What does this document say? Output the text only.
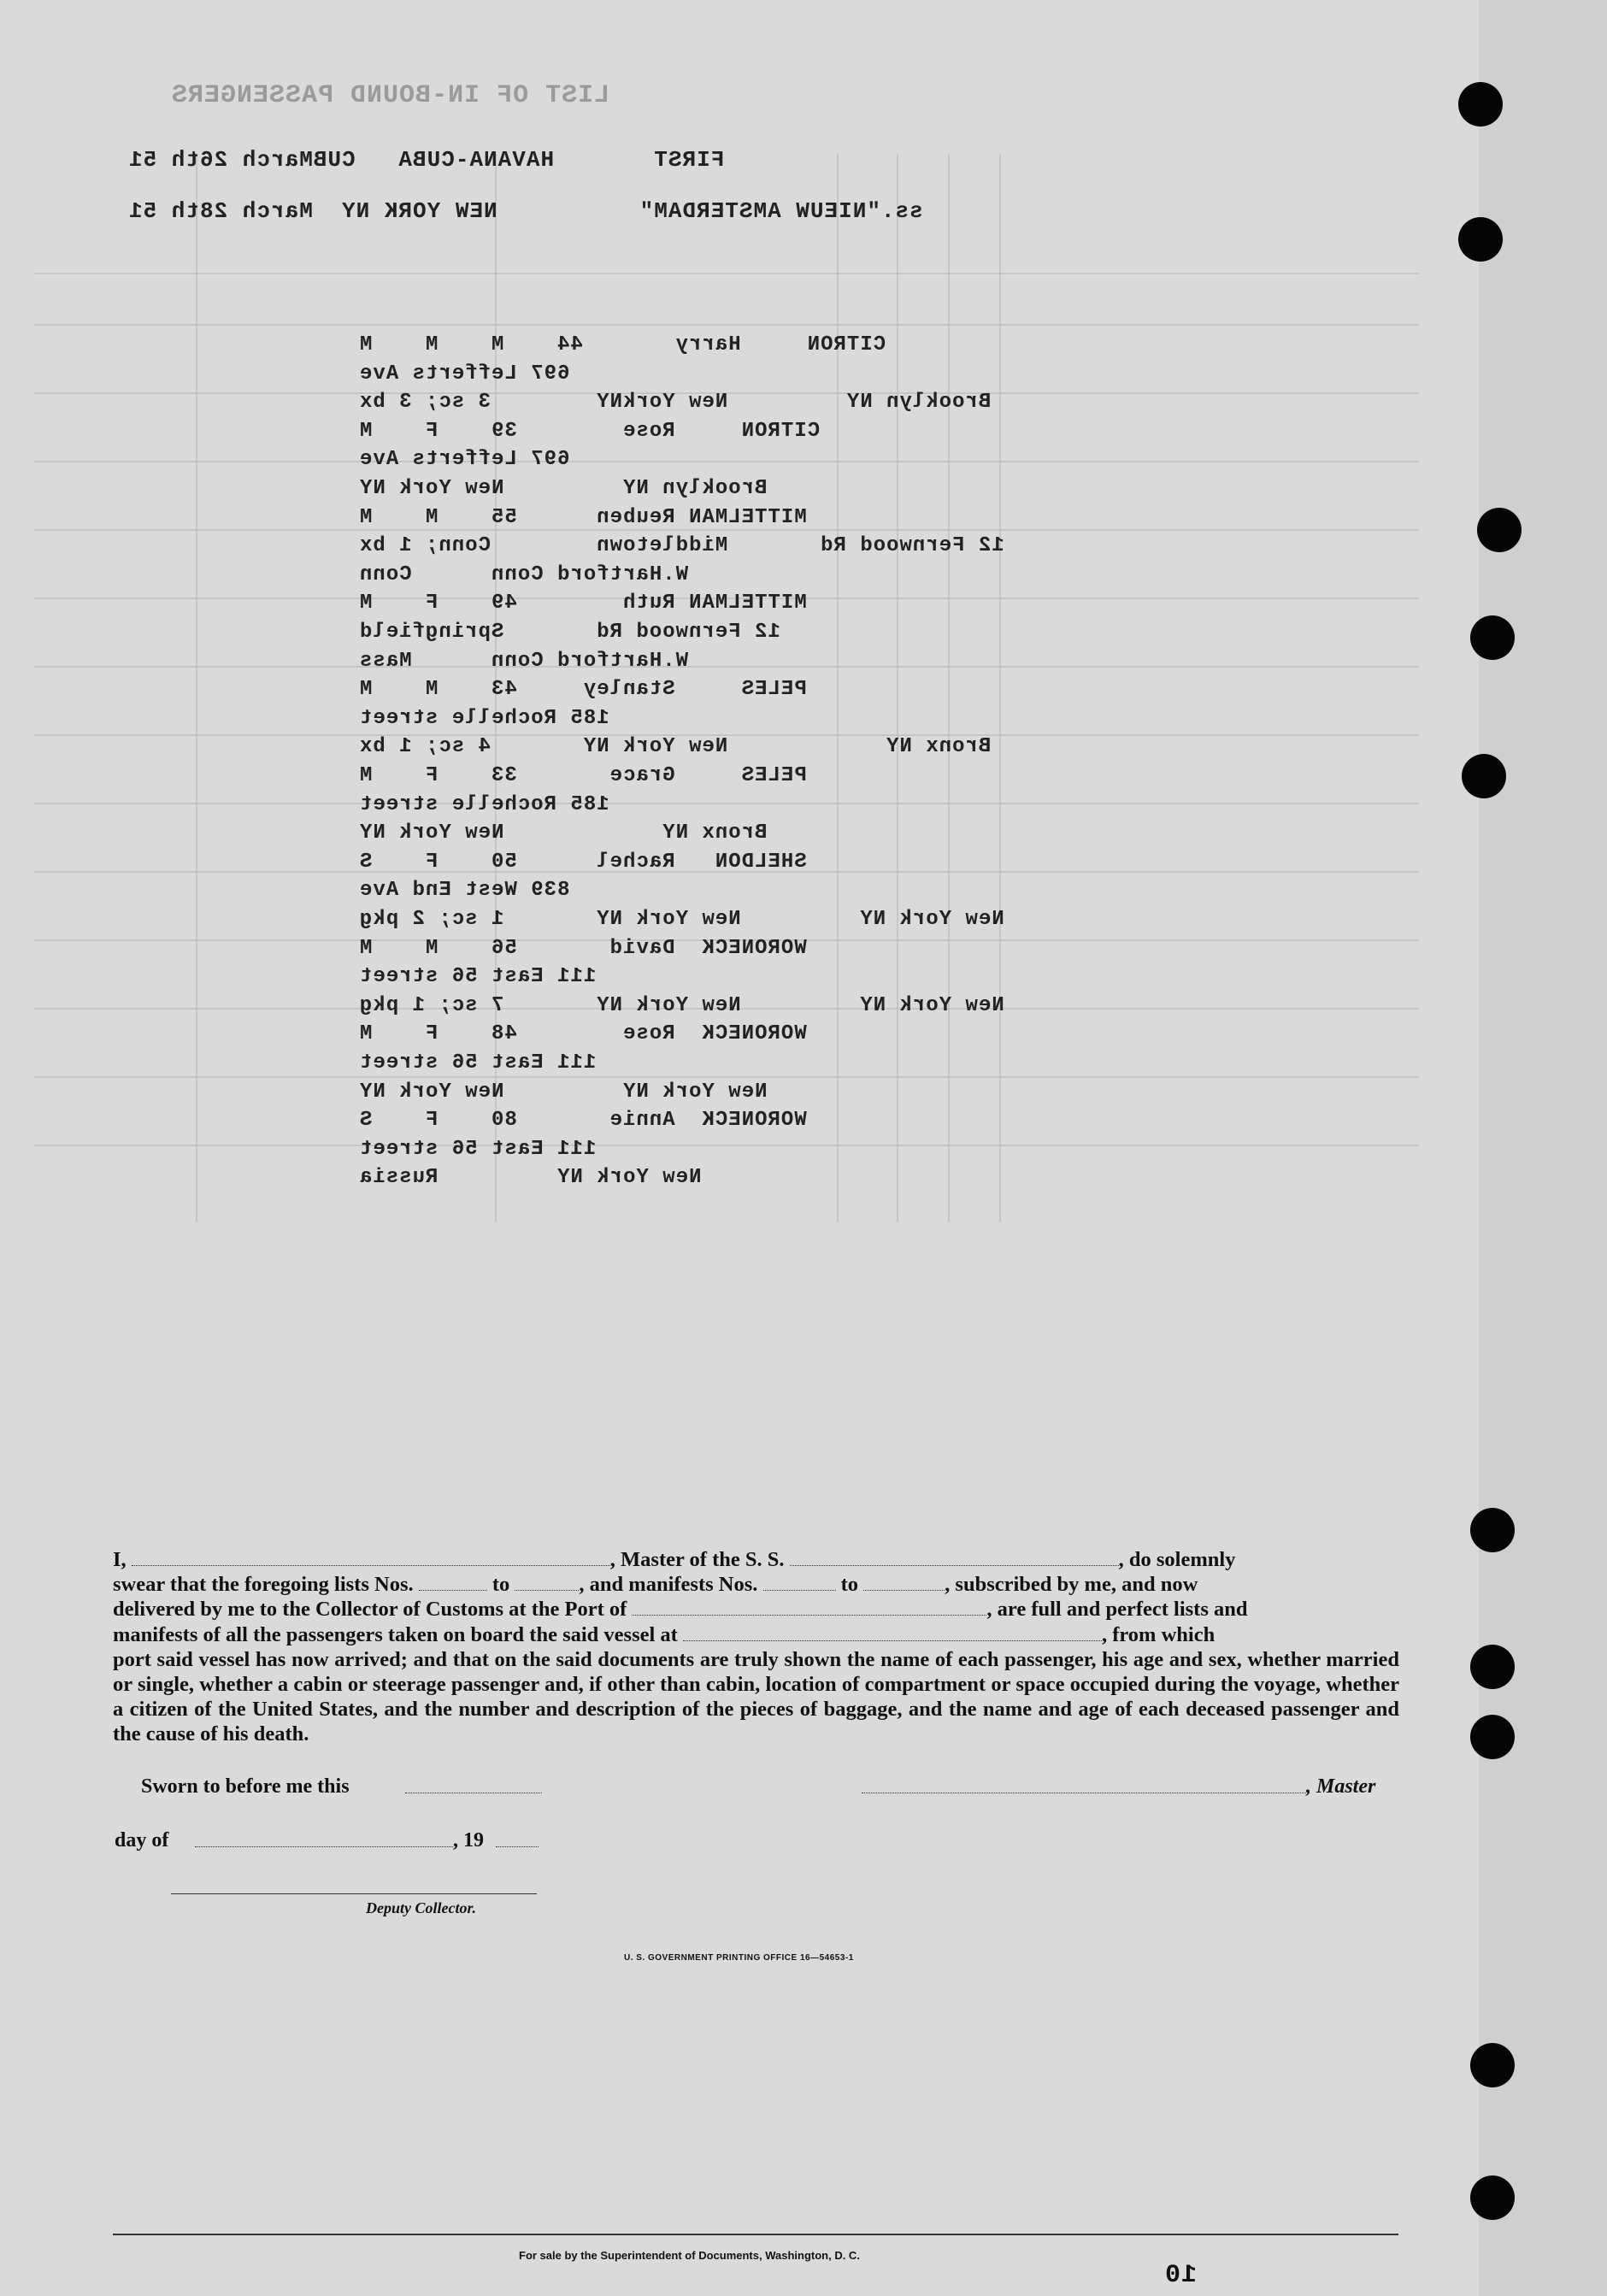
FIRST       HAVANA-CUBA   CUBMarch 26th 51
ss."NIEUW AMSTERDAM"          NEW YORK NY  March 28th 51
CITRON     Harry       44    M    M    M
697 Lefferts Ave
Brooklyn NY         New YorkNY        3 sc; 3 bx
CITRON     Rose        39    F    M
697 Lefferts Ave
Brooklyn NY         New York NY
MITTELMAN Reuben      55    M    M
12 Fernwood Rd       Middletown        Conn; 1 bx
W.Hartford Conn      Conn
MITTELMAN Ruth        49    F    M
12 Fernwood Rd       Springfield
W.Hartford Conn      Mass
PELES     Stanley     43    M    M
185 Rochelle street
Bronx NY            New York NY       4 sc; 1 bx
PELES     Grace       33    F    M
185 Rochelle street
Bronx NY            New York NY
SHELDON   Rachel      50    F    S
839 West End Ave
New York NY         New York NY       1 sc; 2 pkg
WORONECK  David       56    M    M
111 East 56 street
New York NY         New York NY       7 sc; 1 pkg
WORONECK  Rose        48    F    M
111 East 56 street
New York NY         New York NY
WORONECK  Annie       80    F    S
111 East 56 street
New York NY         Russia
LIST OF IN-BOUND PASSENGERS
I,	, Master of the S. S.	, do solemnly
swear that the foregoing lists Nos.	to	, and manifests Nos.	to	, subscribed by me, and now
delivered by me to the Collector of Customs at the Port of	, are full and perfect lists and
manifests of all the passengers taken on board the said vessel at	, from which
port said vessel has now arrived; and that on the said documents are truly shown the name of each passenger, his age and sex, whether married or single, whether a cabin or steerage passenger and, if other than cabin, location of compartment or space occupied during the voyage, whether a citizen of the United States, and the number and description of the pieces of baggage, and the name and age of each deceased passenger and the cause of his death.
Sworn to before me this	, Master
day of	, 19
Deputy Collector.
U. S. GOVERNMENT PRINTING OFFICE 16—54653-1
For sale by the Superintendent of Documents, Washington, D. C.
10
